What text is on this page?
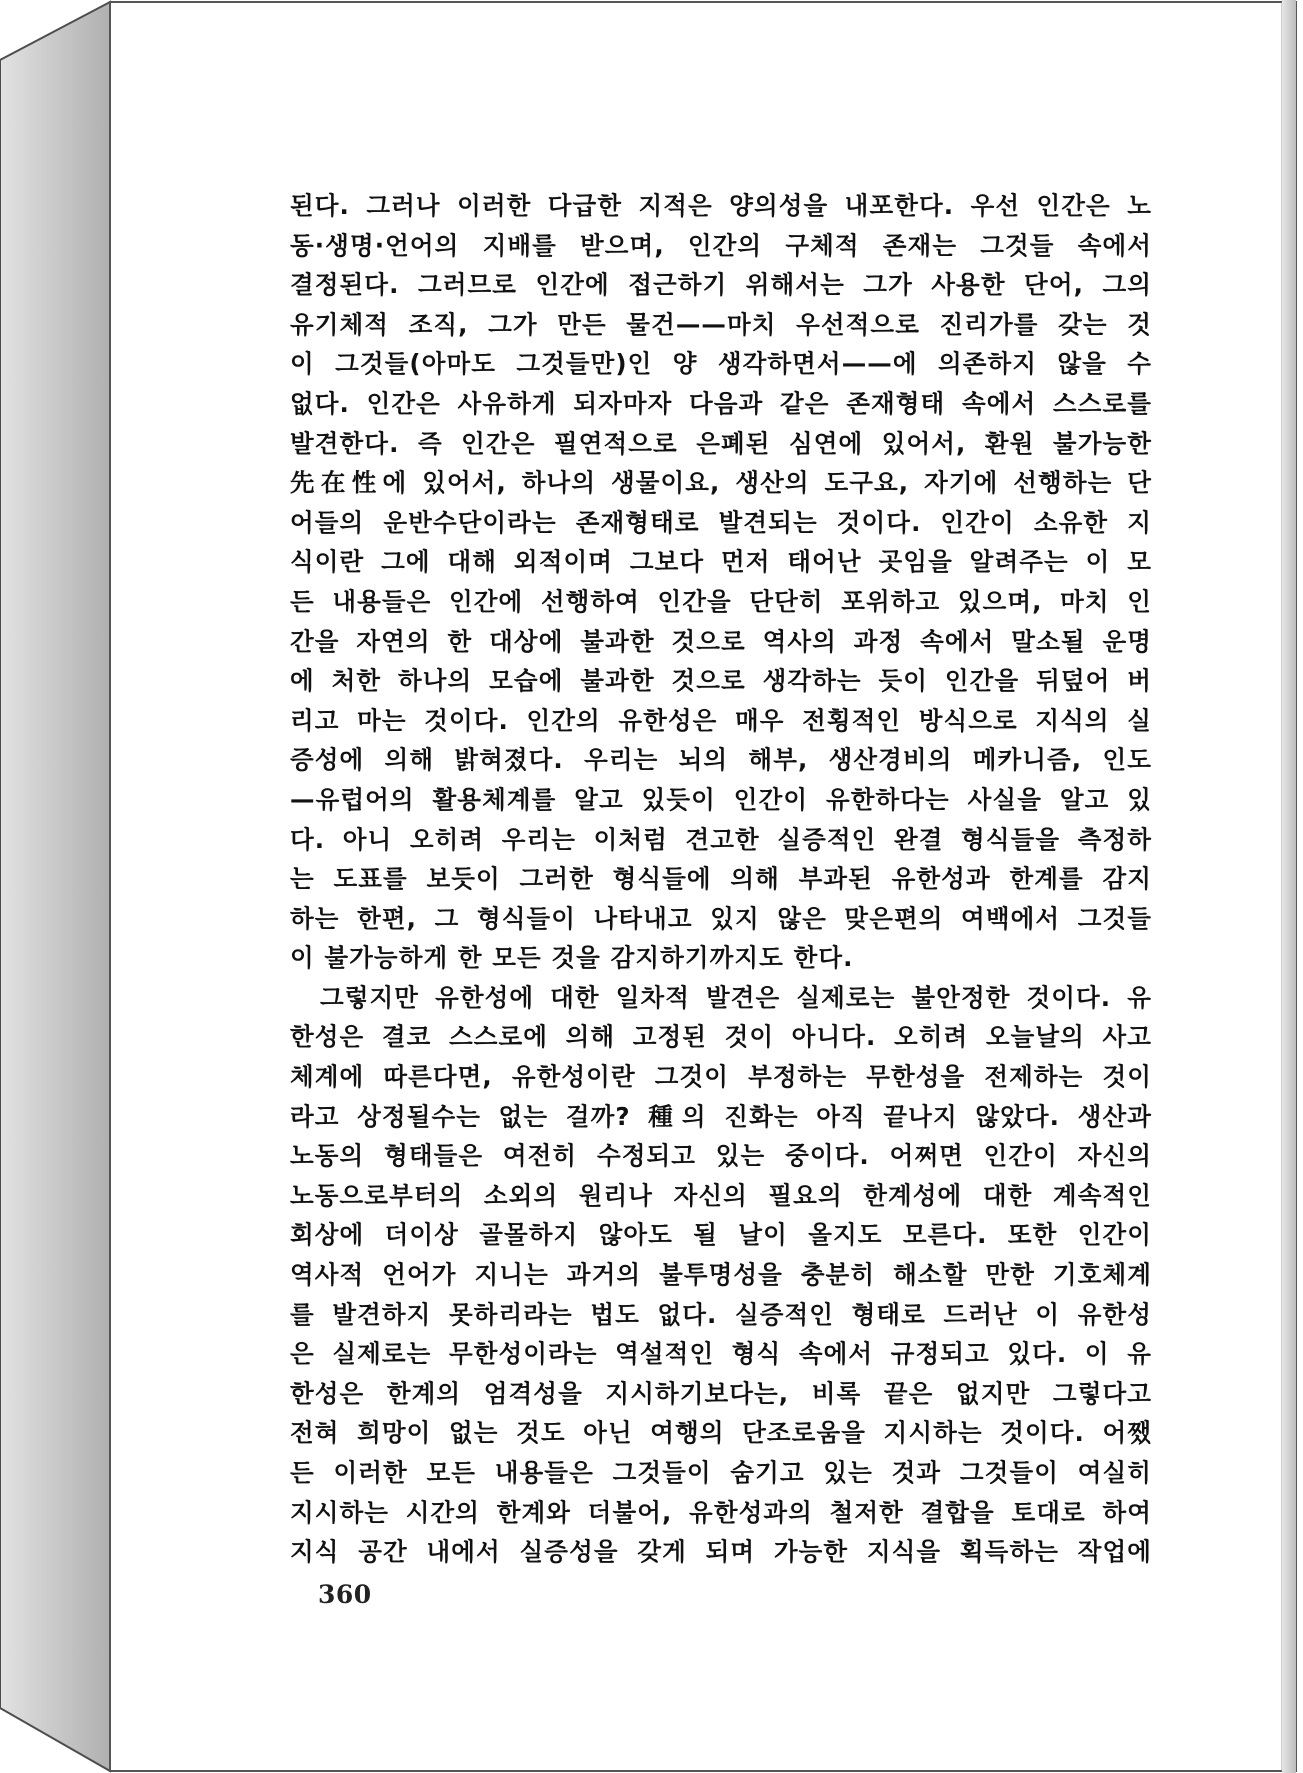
된다. 그러나 이러한 다급한 지적은 양의성을 내포한다. 우선 인간은 노
동·생명·언어의 지배를 받으며, 인간의 구체적 존재는 그것들 속에서
결정된다. 그러므로 인간에 접근하기 위해서는 그가 사용한 단어, 그의
유기체적 조직, 그가 만든 물건——마치 우선적으로 진리가를 갖는 것
이 그것들(아마도 그것들만)인 양 생각하면서——에 의존하지 않을 수
없다. 인간은 사유하게 되자마자 다음과 같은 존재형태 속에서 스스로를
발견한다. 즉 인간은 필연적으로 은폐된 심연에 있어서, 환원 불가능한
先在性에 있어서, 하나의 생물이요, 생산의 도구요, 자기에 선행하는 단
어들의 운반수단이라는 존재형태로 발견되는 것이다. 인간이 소유한 지
식이란 그에 대해 외적이며 그보다 먼저 태어난 곳임을 알려주는 이 모
든 내용들은 인간에 선행하여 인간을 단단히 포위하고 있으며, 마치 인
간을 자연의 한 대상에 불과한 것으로 역사의 과정 속에서 말소될 운명
에 처한 하나의 모습에 불과한 것으로 생각하는 듯이 인간을 뒤덮어 버
리고 마는 것이다. 인간의 유한성은 매우 전횡적인 방식으로 지식의 실
증성에 의해 밝혀졌다. 우리는 뇌의 해부, 생산경비의 메카니즘, 인도
—유럽어의 활용체계를 알고 있듯이 인간이 유한하다는 사실을 알고 있
다. 아니 오히려 우리는 이처럼 견고한 실증적인 완결 형식들을 측정하
는 도표를 보듯이 그러한 형식들에 의해 부과된 유한성과 한계를 감지
하는 한편, 그 형식들이 나타내고 있지 않은 맞은편의 여백에서 그것들
이 불가능하게 한 모든 것을 감지하기까지도 한다.
그렇지만 유한성에 대한 일차적 발견은 실제로는 불안정한 것이다. 유
한성은 결코 스스로에 의해 고정된 것이 아니다. 오히려 오늘날의 사고
체계에 따른다면, 유한성이란 그것이 부정하는 무한성을 전제하는 것이
라고 상정될수는 없는 걸까? 種의 진화는 아직 끝나지 않았다. 생산과
노동의 형태들은 여전히 수정되고 있는 중이다. 어쩌면 인간이 자신의
노동으로부터의 소외의 원리나 자신의 필요의 한계성에 대한 계속적인
회상에 더이상 골몰하지 않아도 될 날이 올지도 모른다. 또한 인간이
역사적 언어가 지니는 과거의 불투명성을 충분히 해소할 만한 기호체계
를 발견하지 못하리라는 법도 없다. 실증적인 형태로 드러난 이 유한성
은 실제로는 무한성이라는 역설적인 형식 속에서 규정되고 있다. 이 유
한성은 한계의 엄격성을 지시하기보다는, 비록 끝은 없지만 그렇다고
전혀 희망이 없는 것도 아닌 여행의 단조로움을 지시하는 것이다. 어쨌
든 이러한 모든 내용들은 그것들이 숨기고 있는 것과 그것들이 여실히
지시하는 시간의 한계와 더불어, 유한성과의 철저한 결합을 토대로 하여
지식 공간 내에서 실증성을 갖게 되며 가능한 지식을 획득하는 작업에
360
